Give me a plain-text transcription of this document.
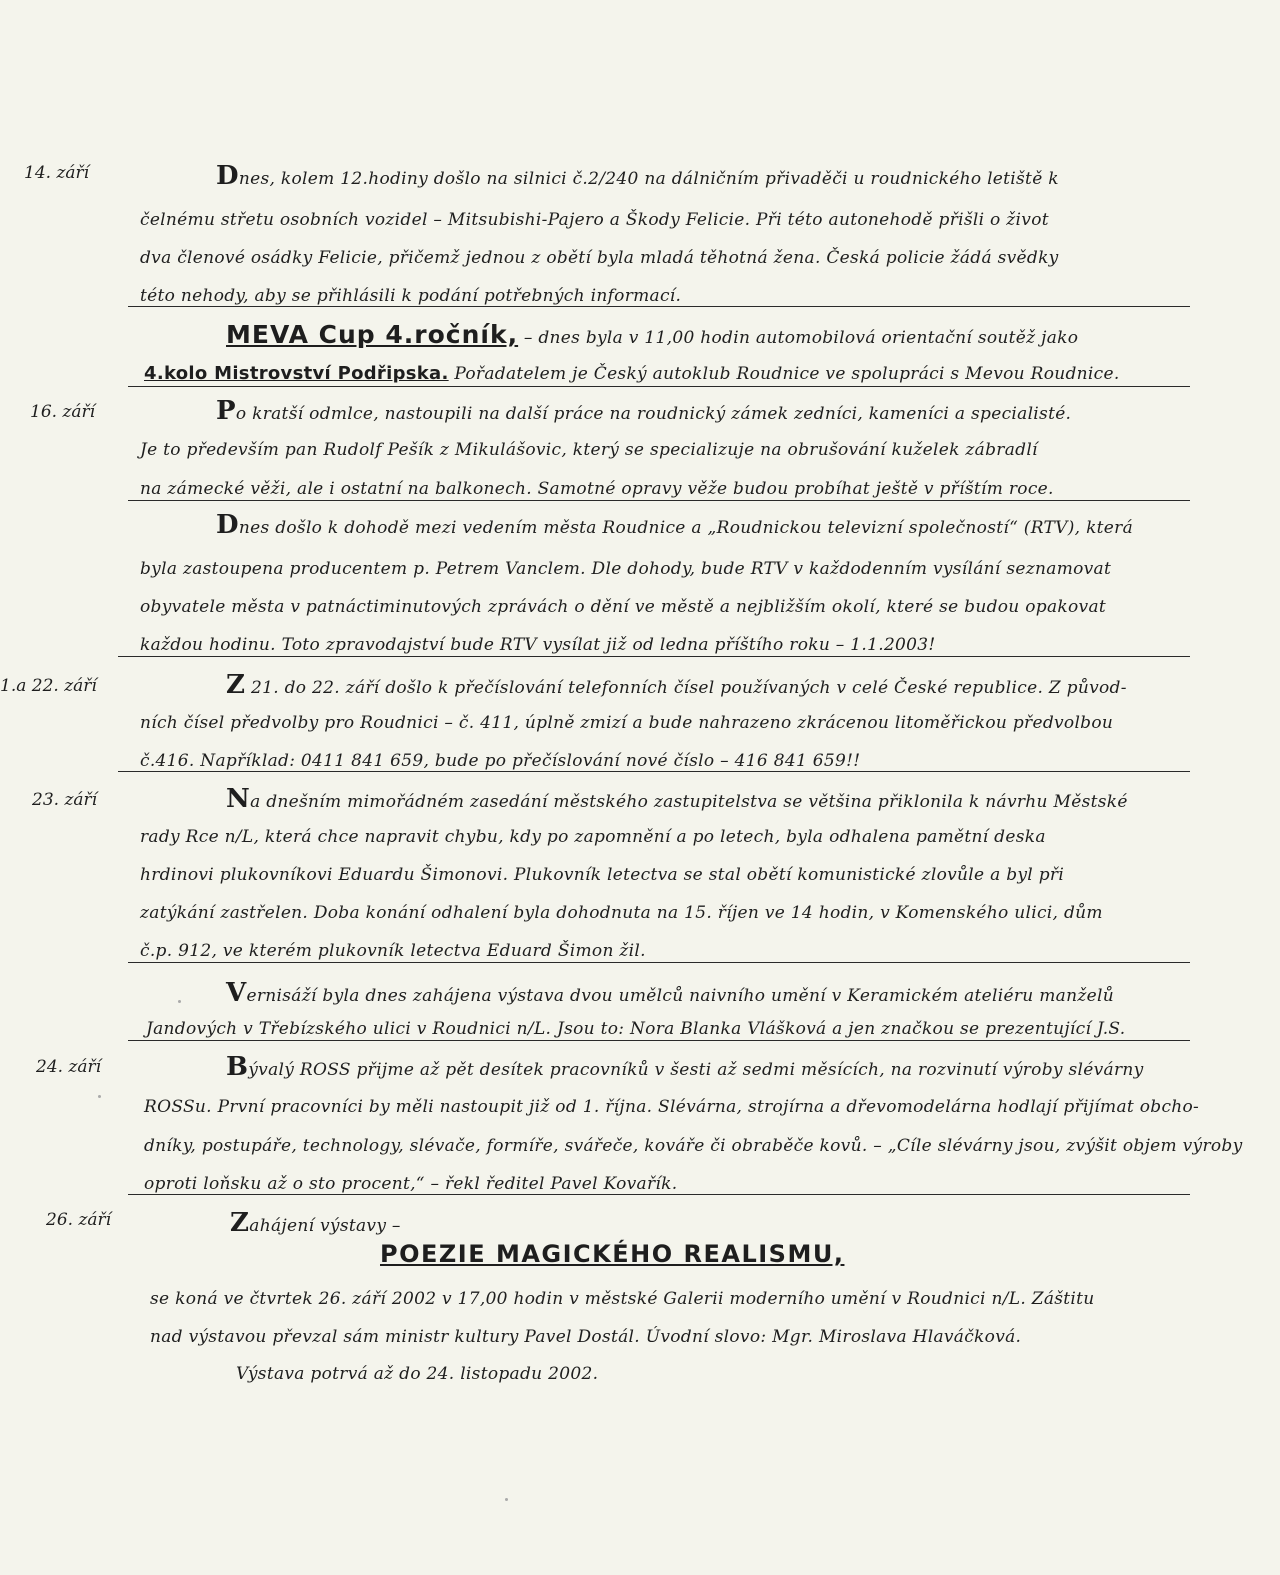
14. září
16. září
1.a 22. září
23. září
24. září
26. září
Dnes, kolem 12.hodiny došlo na silnici č.2/240 na dálničním přivaděči u roudnického letiště k
čelnému střetu osobních vozidel – Mitsubishi-Pajero a Škody Felicie. Při této autonehodě přišli o život
dva členové osádky Felicie, přičemž jednou z obětí byla mladá těhotná žena. Česká policie žádá svědky
této nehody, aby se přihlásili k podání potřebných informací.
MEVA Cup 4.ročník, – dnes byla v 11,00 hodin automobilová orientační soutěž jako
4.kolo Mistrovství Podřipska. Pořadatelem je Český autoklub Roudnice ve spolupráci s Mevou Roudnice.
Po kratší odmlce, nastoupili na další práce na roudnický zámek zedníci, kameníci a specialisté.
Je to především pan Rudolf Pešík z Mikulášovic, který se specializuje na obrušování kuželek zábradlí
na zámecké věži, ale i ostatní na balkonech. Samotné opravy věže budou probíhat ještě v příštím roce.
Dnes došlo k dohodě mezi vedením města Roudnice a „Roudnickou televizní společností“ (RTV), která
byla zastoupena producentem p. Petrem Vanclem. Dle dohody, bude RTV v každodenním vysílání seznamovat
obyvatele města v patnáctiminutových zprávách o dění ve městě a nejbližším okolí, které se budou opakovat
každou hodinu. Toto zpravodajství bude RTV vysílat již od ledna příštího roku – 1.1.2003!
Z 21. do 22. září došlo k přečíslování telefonních čísel používaných v celé České republice. Z původ-
ních čísel předvolby pro Roudnici – č. 411, úplně zmizí a bude nahrazeno zkrácenou litoměřickou předvolbou
č.416. Například: 0411 841 659, bude po přečíslování nové číslo – 416 841 659!!
Na dnešním mimořádném zasedání městského zastupitelstva se většina přiklonila k návrhu Městské
rady Rce n/L, která chce napravit chybu, kdy po zapomnění a po letech, byla odhalena pamětní deska
hrdinovi plukovníkovi Eduardu Šimonovi. Plukovník letectva se stal obětí komunistické zlovůle a byl při
zatýkání zastřelen. Doba konání odhalení byla dohodnuta na 15. říjen ve 14 hodin, v Komenského ulici, dům
č.p. 912, ve kterém plukovník letectva Eduard Šimon žil.
Vernisáží byla dnes zahájena výstava dvou umělců naivního umění v Keramickém ateliéru manželů
Jandových v Třebízského ulici v Roudnici n/L. Jsou to: Nora Blanka Vlášková a jen značkou se prezentující J.S.
Bývalý ROSS přijme až pět desítek pracovníků v šesti až sedmi měsících, na rozvinutí výroby slévárny
ROSSu. První pracovníci by měli nastoupit již od 1. října. Slévárna, strojírna a dřevomodelárna hodlají přijímat obcho-
dníky, postupáře, technology, slévače, formíře, svářeče, kováře či obraběče kovů. – „Cíle slévárny jsou, zvýšit objem výroby
oproti loňsku až o sto procent,“ – řekl ředitel Pavel Kovařík.
Zahájení výstavy –
POEZIE MAGICKÉHO REALISMU,
se koná ve čtvrtek 26. září 2002 v 17,00 hodin v městské Galerii moderního umění v Roudnici n/L. Záštitu
nad výstavou převzal sám ministr kultury Pavel Dostál. Úvodní slovo: Mgr. Miroslava Hlaváčková.
Výstava potrvá až do 24. listopadu 2002.
